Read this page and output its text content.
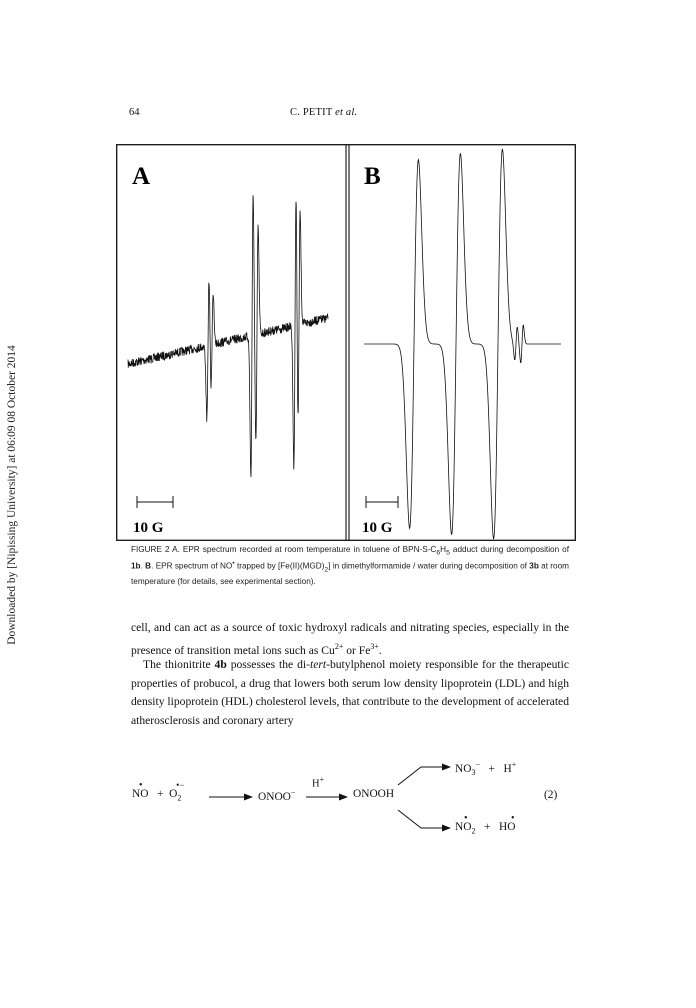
Downloaded by [Nipissing University] at 06:09 08 October 2014
64	C. PETIT et al.
A
10 G
B
10 G
FIGURE 2 A. EPR spectrum recorded at room temperature in toluene of BPN-$S-C_6H_5$ adduct during decomposition of 1b. B. EPR spectrum of NO• trapped by $[Fe(II)(MGD)_2]$ in dimethylformamide / water during decomposition of 3b at room temperature (for details, see experimental section).
cell, and can act as a source of toxic hydroxyl radicals and nitrating species, especially in the presence of transition metal ions such as $Cu^{2+}$ or $Fe^{3+}$.
The thionitrite 4b possesses the di-tert-butylphenol moiety responsible for the therapeutic properties of probucol, a drug that lowers both serum low density lipoprotein (LDL) and high density lipoprotein (HDL) cholesterol levels, that contribute to the development of accelerated atherosclerosis and coronary artery
NO
•
+ $O_2$
•−
→ ONOO−
H+
ONOOH
$NO_3^- + H^+$
$NO_2$
•
+ HO
•
(2)
